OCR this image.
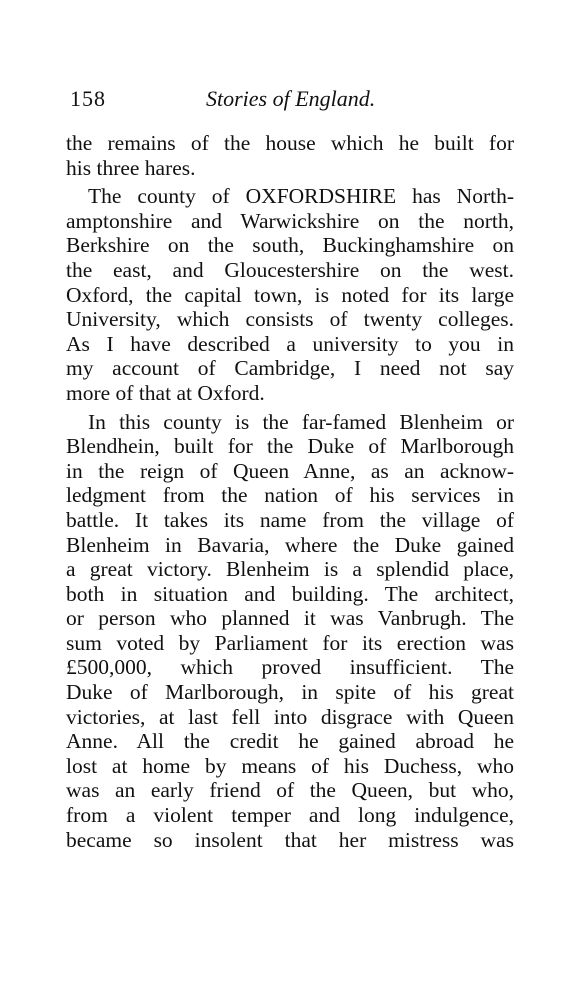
158	Stories of England.
the remains of the house which he built for
his three hares.
The county of OXFORDSHIRE has North-
amptonshire and Warwickshire on the north,
Berkshire on the south, Buckinghamshire on
the east, and Gloucestershire on the west.
Oxford, the capital town, is noted for its large
University, which consists of twenty colleges.
As I have described a university to you in
my account of Cambridge, I need not say
more of that at Oxford.
In this county is the far-famed Blenheim or
Blendhein, built for the Duke of Marlborough
in the reign of Queen Anne, as an acknow-
ledgment from the nation of his services in
battle. It takes its name from the village of
Blenheim in Bavaria, where the Duke gained
a great victory. Blenheim is a splendid place,
both in situation and building. The architect,
or person who planned it was Vanbrugh. The
sum voted by Parliament for its erection was
£500,000, which proved insufficient. The
Duke of Marlborough, in spite of his great
victories, at last fell into disgrace with Queen
Anne. All the credit he gained abroad he
lost at home by means of his Duchess, who
was an early friend of the Queen, but who,
from a violent temper and long indulgence,
became so insolent that her mistress was
